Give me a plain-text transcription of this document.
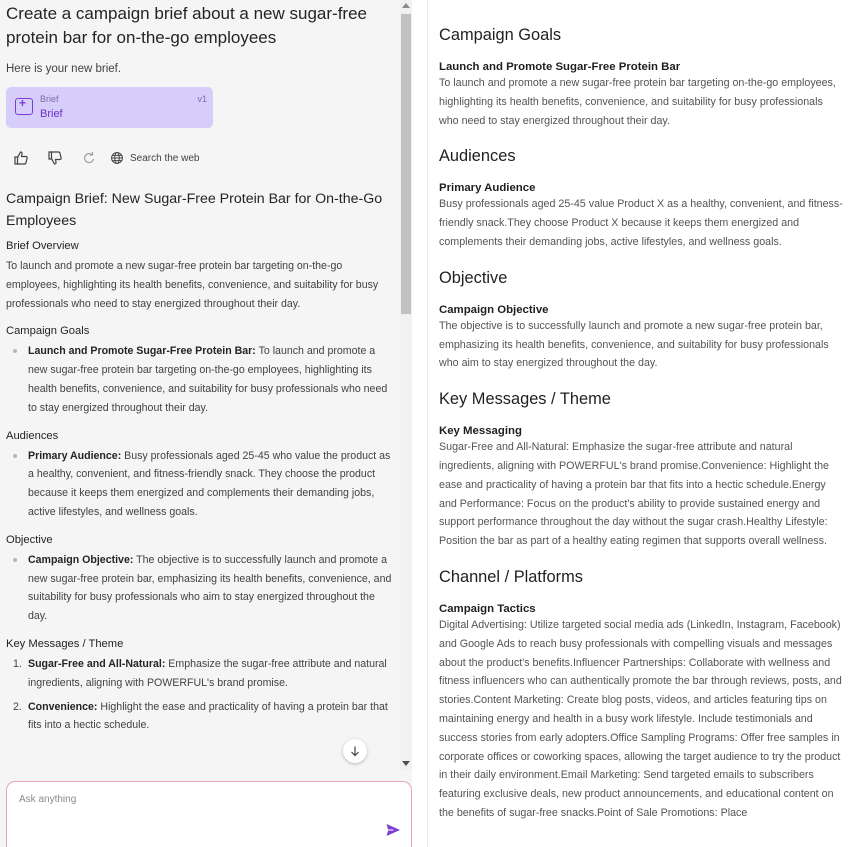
Create a campaign brief about a new sugar-free protein bar for on-the-go employees
Here is your new brief.
+
Brief
Brief
v1
Search the web
Campaign Brief: New Sugar-Free Protein Bar for On-the-Go Employees
Brief Overview
To launch and promote a new sugar-free protein bar targeting on-the-go employees, highlighting its health benefits, convenience, and suitability for busy professionals who need to stay energized throughout their day.
Campaign Goals
Launch and Promote Sugar-Free Protein Bar: To launch and promote a new sugar-free protein bar targeting on-the-go employees, highlighting its health benefits, convenience, and suitability for busy professionals who need to stay energized throughout their day.
Audiences
Primary Audience: Busy professionals aged 25-45 who value the product as a healthy, convenient, and fitness-friendly snack. They choose the product because it keeps them energized and complements their demanding jobs, active lifestyles, and wellness goals.
Objective
Campaign Objective: The objective is to successfully launch and promote a new sugar-free protein bar, emphasizing its health benefits, convenience, and suitability for busy professionals who aim to stay energized throughout the day.
Key Messages / Theme
1. Sugar-Free and All-Natural: Emphasize the sugar-free attribute and natural ingredients, aligning with POWERFUL's brand promise.
2. Convenience: Highlight the ease and practicality of having a protein bar that fits into a hectic schedule.
Ask anything
Campaign Goals
Launch and Promote Sugar-Free Protein Bar
To launch and promote a new sugar-free protein bar targeting on-the-go employees, highlighting its health benefits, convenience, and suitability for busy professionals who need to stay energized throughout their day.
Audiences
Primary Audience
Busy professionals aged 25-45 value Product X as a healthy, convenient, and fitness-friendly snack.They choose Product X because it keeps them energized and complements their demanding jobs, active lifestyles, and wellness goals.
Objective
Campaign Objective
The objective is to successfully launch and promote a new sugar-free protein bar, emphasizing its health benefits, convenience, and suitability for busy professionals who aim to stay energized throughout the day.
Key Messages / Theme
Key Messaging
Sugar-Free and All-Natural: Emphasize the sugar-free attribute and natural ingredients, aligning with POWERFUL's brand promise.Convenience: Highlight the ease and practicality of having a protein bar that fits into a hectic schedule.Energy and Performance: Focus on the product's ability to provide sustained energy and support performance throughout the day without the sugar crash.Healthy Lifestyle: Position the bar as part of a healthy eating regimen that supports overall wellness.
Channel / Platforms
Campaign Tactics
Digital Advertising: Utilize targeted social media ads (LinkedIn, Instagram, Facebook) and Google Ads to reach busy professionals with compelling visuals and messages about the product's benefits.Influencer Partnerships: Collaborate with wellness and fitness influencers who can authentically promote the bar through reviews, posts, and stories.Content Marketing: Create blog posts, videos, and articles featuring tips on maintaining energy and health in a busy work lifestyle. Include testimonials and success stories from early adopters.Office Sampling Programs: Offer free samples in corporate offices or coworking spaces, allowing the target audience to try the product in their daily environment.Email Marketing: Send targeted emails to subscribers featuring exclusive deals, new product announcements, and educational content on the benefits of sugar-free snacks.Point of Sale Promotions: Place
